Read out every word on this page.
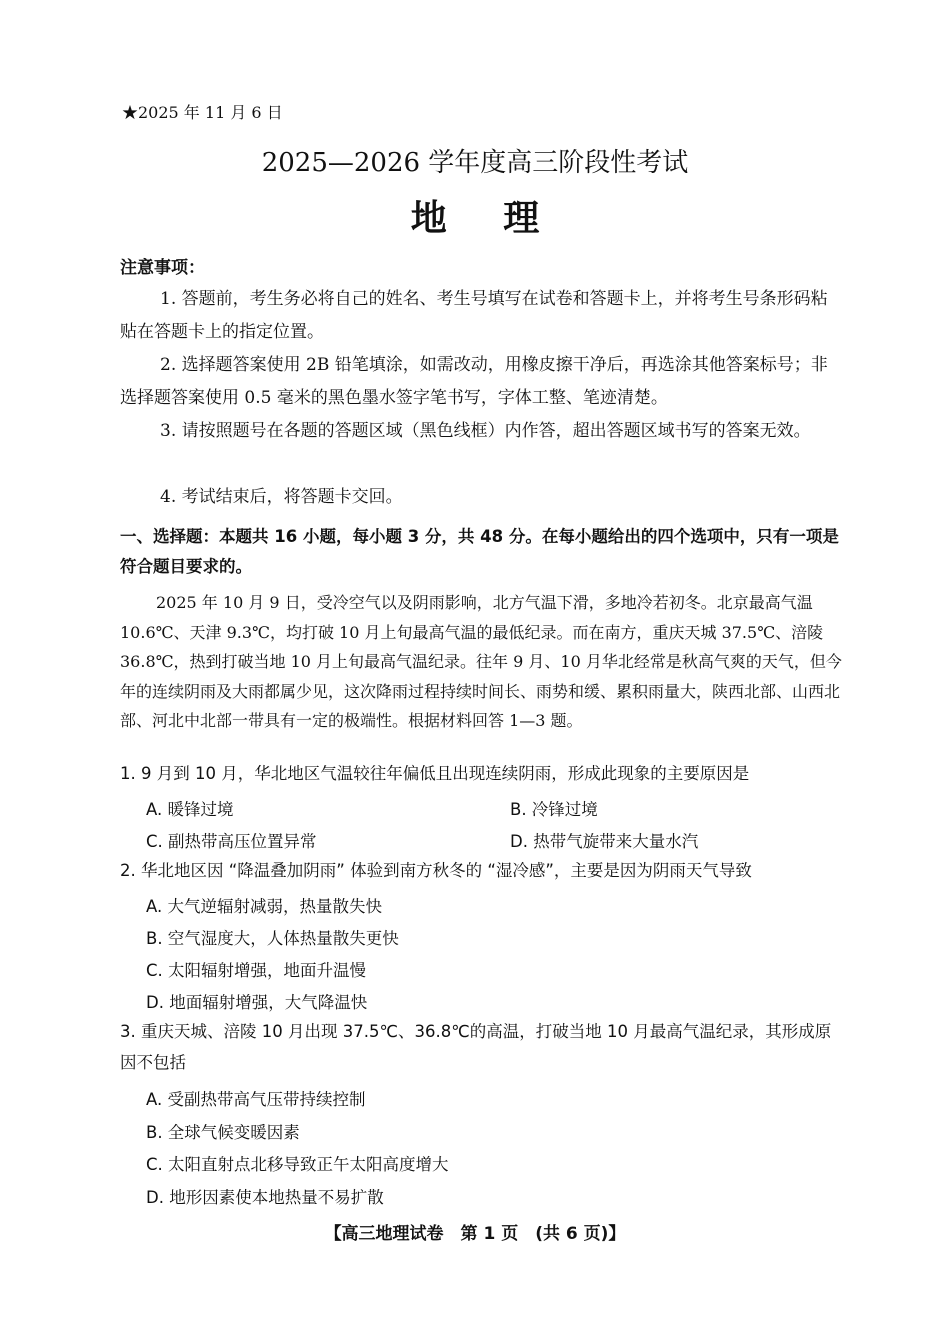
★2025 年 11 月 6 日
2025—2026 学年度高三阶段性考试
地 理
注意事项：
1. 答题前，考生务必将自己的姓名、考生号填写在试卷和答题卡上，并将考生号条形码粘贴在答题卡上的指定位置。
2. 选择题答案使用 2B 铅笔填涂，如需改动，用橡皮擦干净后，再选涂其他答案标号；非选择题答案使用 0.5 毫米的黑色墨水签字笔书写，字体工整、笔迹清楚。
3. 请按照题号在各题的答题区域（黑色线框）内作答，超出答题区域书写的答案无效。
4. 考试结束后，将答题卡交回。
一、选择题：本题共 16 小题，每小题 3 分，共 48 分。在每小题给出的四个选项中，只有一项是符合题目要求的。
2025 年 10 月 9 日，受冷空气以及阴雨影响，北方气温下滑，多地冷若初冬。北京最高气温 10.6℃、天津 9.3℃，均打破 10 月上旬最高气温的最低纪录。而在南方，重庆天城 37.5℃、涪陵 36.8℃，热到打破当地 10 月上旬最高气温纪录。往年 9 月、10 月华北经常是秋高气爽的天气，但今年的连续阴雨及大雨都属少见，这次降雨过程持续时间长、雨势和缓、累积雨量大，陕西北部、山西北部、河北中北部一带具有一定的极端性。根据材料回答 1—3 题。
1. 9 月到 10 月，华北地区气温较往年偏低且出现连续阴雨，形成此现象的主要原因是
A. 暖锋过境	B. 冷锋过境
C. 副热带高压位置异常	D. 热带气旋带来大量水汽
2. 华北地区因 “降温叠加阴雨” 体验到南方秋冬的 “湿冷感”，主要是因为阴雨天气导致
A. 大气逆辐射减弱，热量散失快
B. 空气湿度大，人体热量散失更快
C. 太阳辐射增强，地面升温慢
D. 地面辐射增强，大气降温快
3. 重庆天城、涪陵 10 月出现 37.5℃、36.8℃的高温，打破当地 10 月最高气温纪录，其形成原因不包括
A. 受副热带高气压带持续控制
B. 全球气候变暖因素
C. 太阳直射点北移导致正午太阳高度增大
D. 地形因素使本地热量不易扩散
【高三地理试卷　第 1 页　(共 6 页)】
